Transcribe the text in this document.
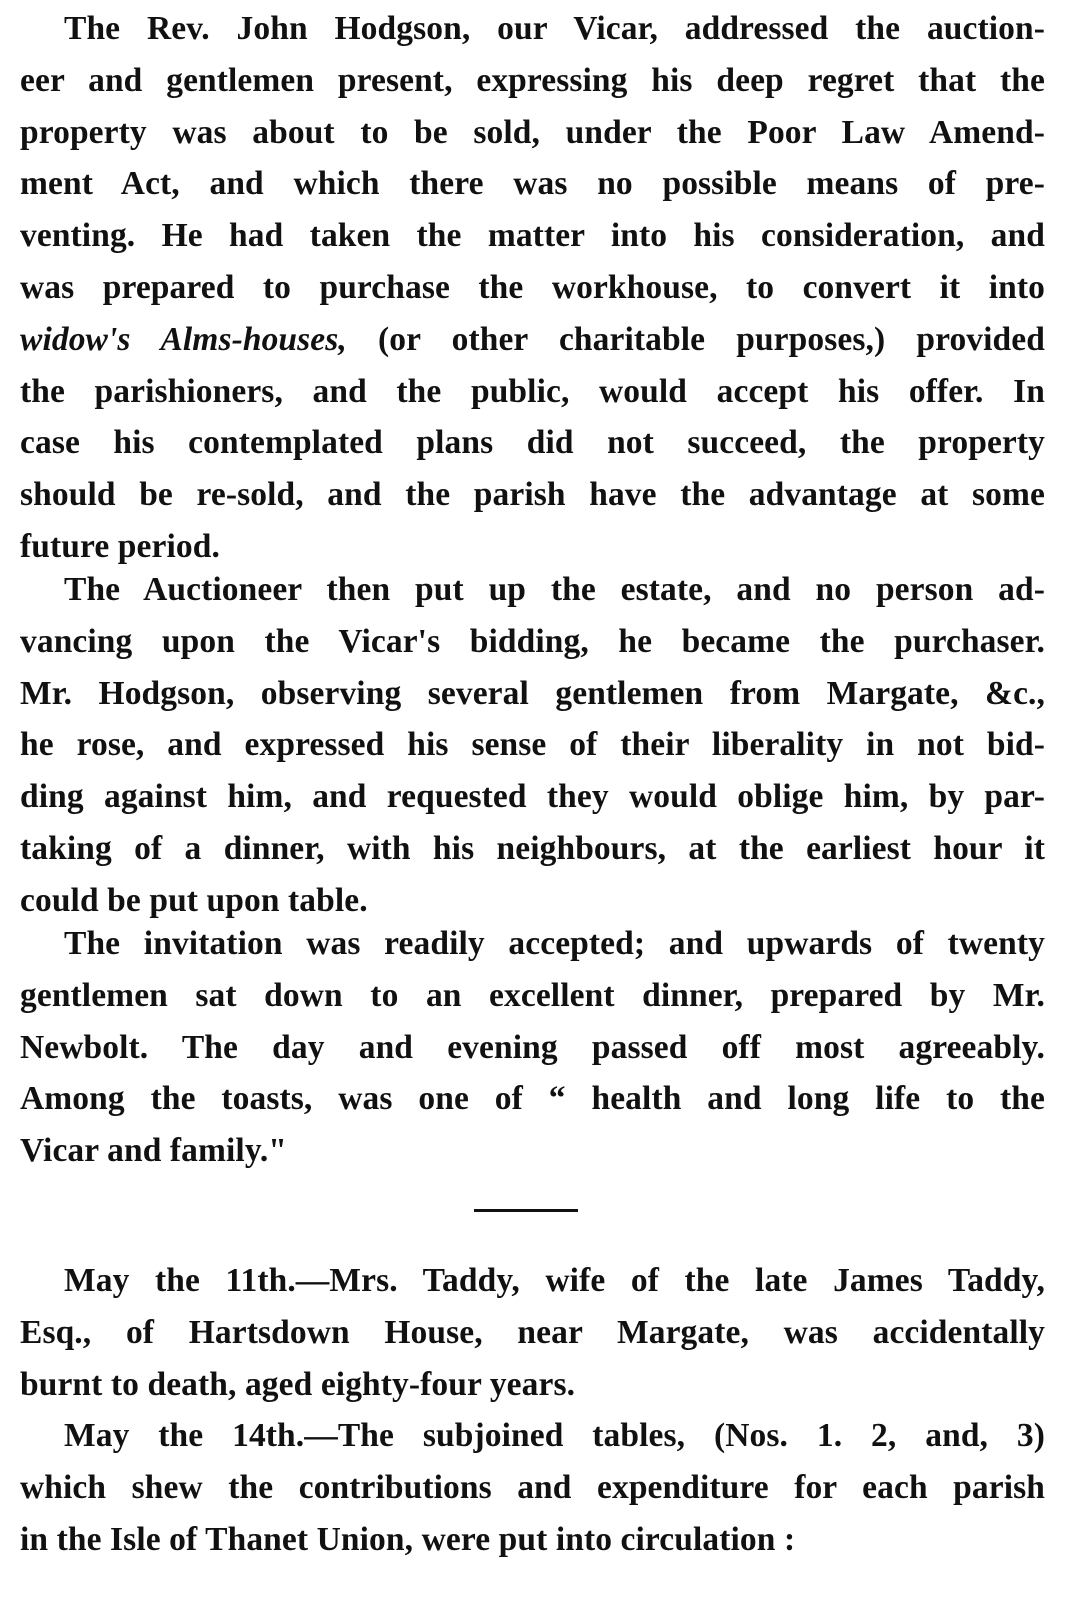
The Rev. John Hodgson, our Vicar, addressed the auction-
eer and gentlemen present, expressing his deep regret that the
property was about to be sold, under the Poor Law Amend-
ment Act, and which there was no possible means of pre-
venting. He had taken the matter into his consideration, and
was prepared to purchase the workhouse, to convert it into
widow's Alms-houses, (or other charitable purposes,) provided
the parishioners, and the public, would accept his offer. In
case his contemplated plans did not succeed, the property
should be re-sold, and the parish have the advantage at some
future period.

The Auctioneer then put up the estate, and no person ad-
vancing upon the Vicar's bidding, he became the purchaser.
Mr. Hodgson, observing several gentlemen from Margate, &c.,
he rose, and expressed his sense of their liberality in not bid-
ding against him, and requested they would oblige him, by par-
taking of a dinner, with his neighbours, at the earliest hour it
could be put upon table.

The invitation was readily accepted; and upwards of twenty
gentlemen sat down to an excellent dinner, prepared by Mr.
Newbolt. The day and evening passed off most agreeably.
Among the toasts, was one of “ health and long life to the
Vicar and family."

May the 11th.—Mrs. Taddy, wife of the late James Taddy,
Esq., of Hartsdown House, near Margate, was accidentally
burnt to death, aged eighty-four years.

May the 14th.—The subjoined tables, (Nos. 1. 2, and, 3)
which shew the contributions and expenditure for each parish
in the Isle of Thanet Union, were put into circulation :
